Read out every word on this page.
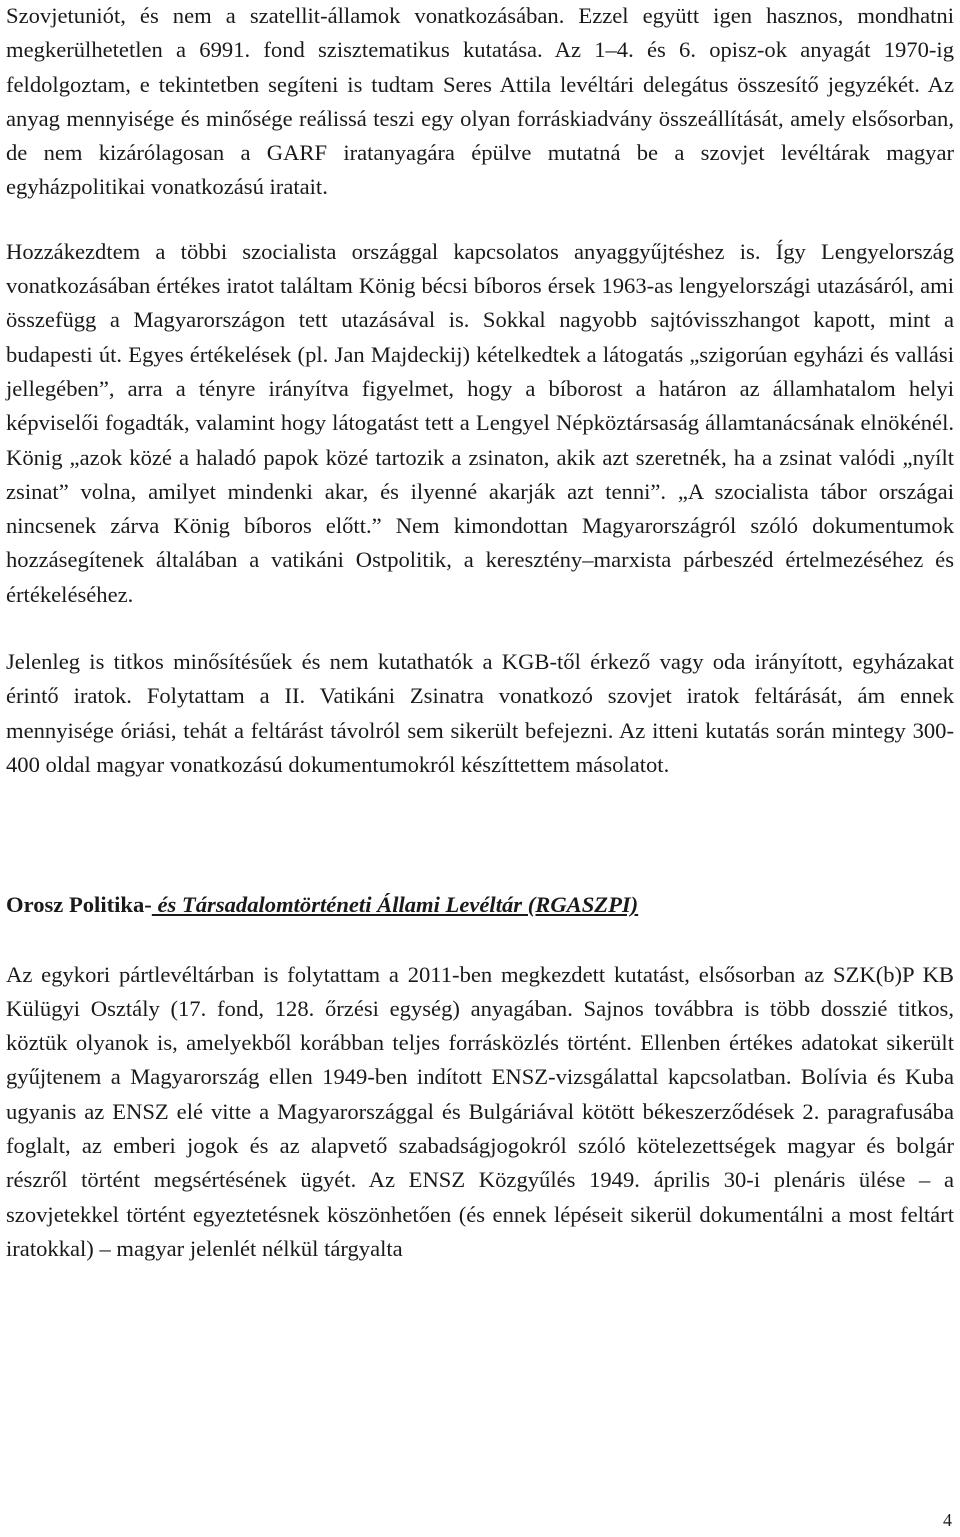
Szovjetuniót, és nem a szatellit-államok vonatkozásában. Ezzel együtt igen hasznos, mondhatni megkerülhetetlen a 6991. fond szisztematikus kutatása. Az 1–4. és 6. opisz-ok anyagát 1970-ig feldolgoztam, e tekintetben segíteni is tudtam Seres Attila levéltári delegátus összesítő jegyzékét. Az anyag mennyisége és minősége reálissá teszi egy olyan forráskiadvány összeállítását, amely elsősorban, de nem kizárólagosan a GARF iratanyagára épülve mutatná be a szovjet levéltárak magyar egyházpolitikai vonatkozású iratait.

Hozzákezdtem a többi szocialista országgal kapcsolatos anyaggyűjtéshez is. Így Lengyelország vonatkozásában értékes iratot találtam König bécsi bíboros érsek 1963-as lengyelországi utazásáról, ami összefügg a Magyarországon tett utazásával is. Sokkal nagyobb sajtóvisszhangot kapott, mint a budapesti út. Egyes értékelések (pl. Jan Majdeckij) kételkedtek a látogatás „szigorúan egyházi és vallási jellegében”, arra a tényre irányítva figyelmet, hogy a bíborost a határon az államhatalom helyi képviselői fogadták, valamint hogy látogatást tett a Lengyel Népköztársaság államtanácsának elnökénél. König „azok közé a haladó papok közé tartozik a zsinaton, akik azt szeretnék, ha a zsinat valódi „nyílt zsinat” volna, amilyet mindenki akar, és ilyenné akarják azt tenni”. „A szocialista tábor országai nincsenek zárva König bíboros előtt.” Nem kimondottan Magyarországról szóló dokumentumok hozzásegítenek általában a vatikáni Ostpolitik, a keresztény–marxista párbeszéd értelmezéséhez és értékeléséhez.

Jelenleg is titkos minősítésűek és nem kutathatók a KGB-től érkező vagy oda irányított, egyházakat érintő iratok. Folytattam a II. Vatikáni Zsinatra vonatkozó szovjet iratok feltárását, ám ennek mennyisége óriási, tehát a feltárást távolról sem sikerült befejezni. Az itteni kutatás során mintegy 300-400 oldal magyar vonatkozású dokumentumokról készíttettem másolatot.

Orosz Politika- és Társadalomtörténeti Állami Levéltár (RGASZPI)

Az egykori pártlevéltárban is folytattam a 2011-ben megkezdett kutatást, elsősorban az SZK(b)P KB Külügyi Osztály (17. fond, 128. őrzési egység) anyagában. Sajnos továbbra is több dosszié titkos, köztük olyanok is, amelyekből korábban teljes forrásközlés történt. Ellenben értékes adatokat sikerült gyűjtenem a Magyarország ellen 1949-ben indított ENSZ-vizsgálattal kapcsolatban. Bolívia és Kuba ugyanis az ENSZ elé vitte a Magyarországgal és Bulgáriával kötött békeszerződések 2. paragrafusába foglalt, az emberi jogok és az alapvető szabadságjogokról szóló kötelezettségek magyar és bolgár részről történt megsértésének ügyét. Az ENSZ Közgyűlés 1949. április 30-i plenáris ülése – a szovjetekkel történt egyeztetésnek köszönhetően (és ennek lépéseit sikerül dokumentálni a most feltárt iratokkal) – magyar jelenlét nélkül tárgyalta

4
